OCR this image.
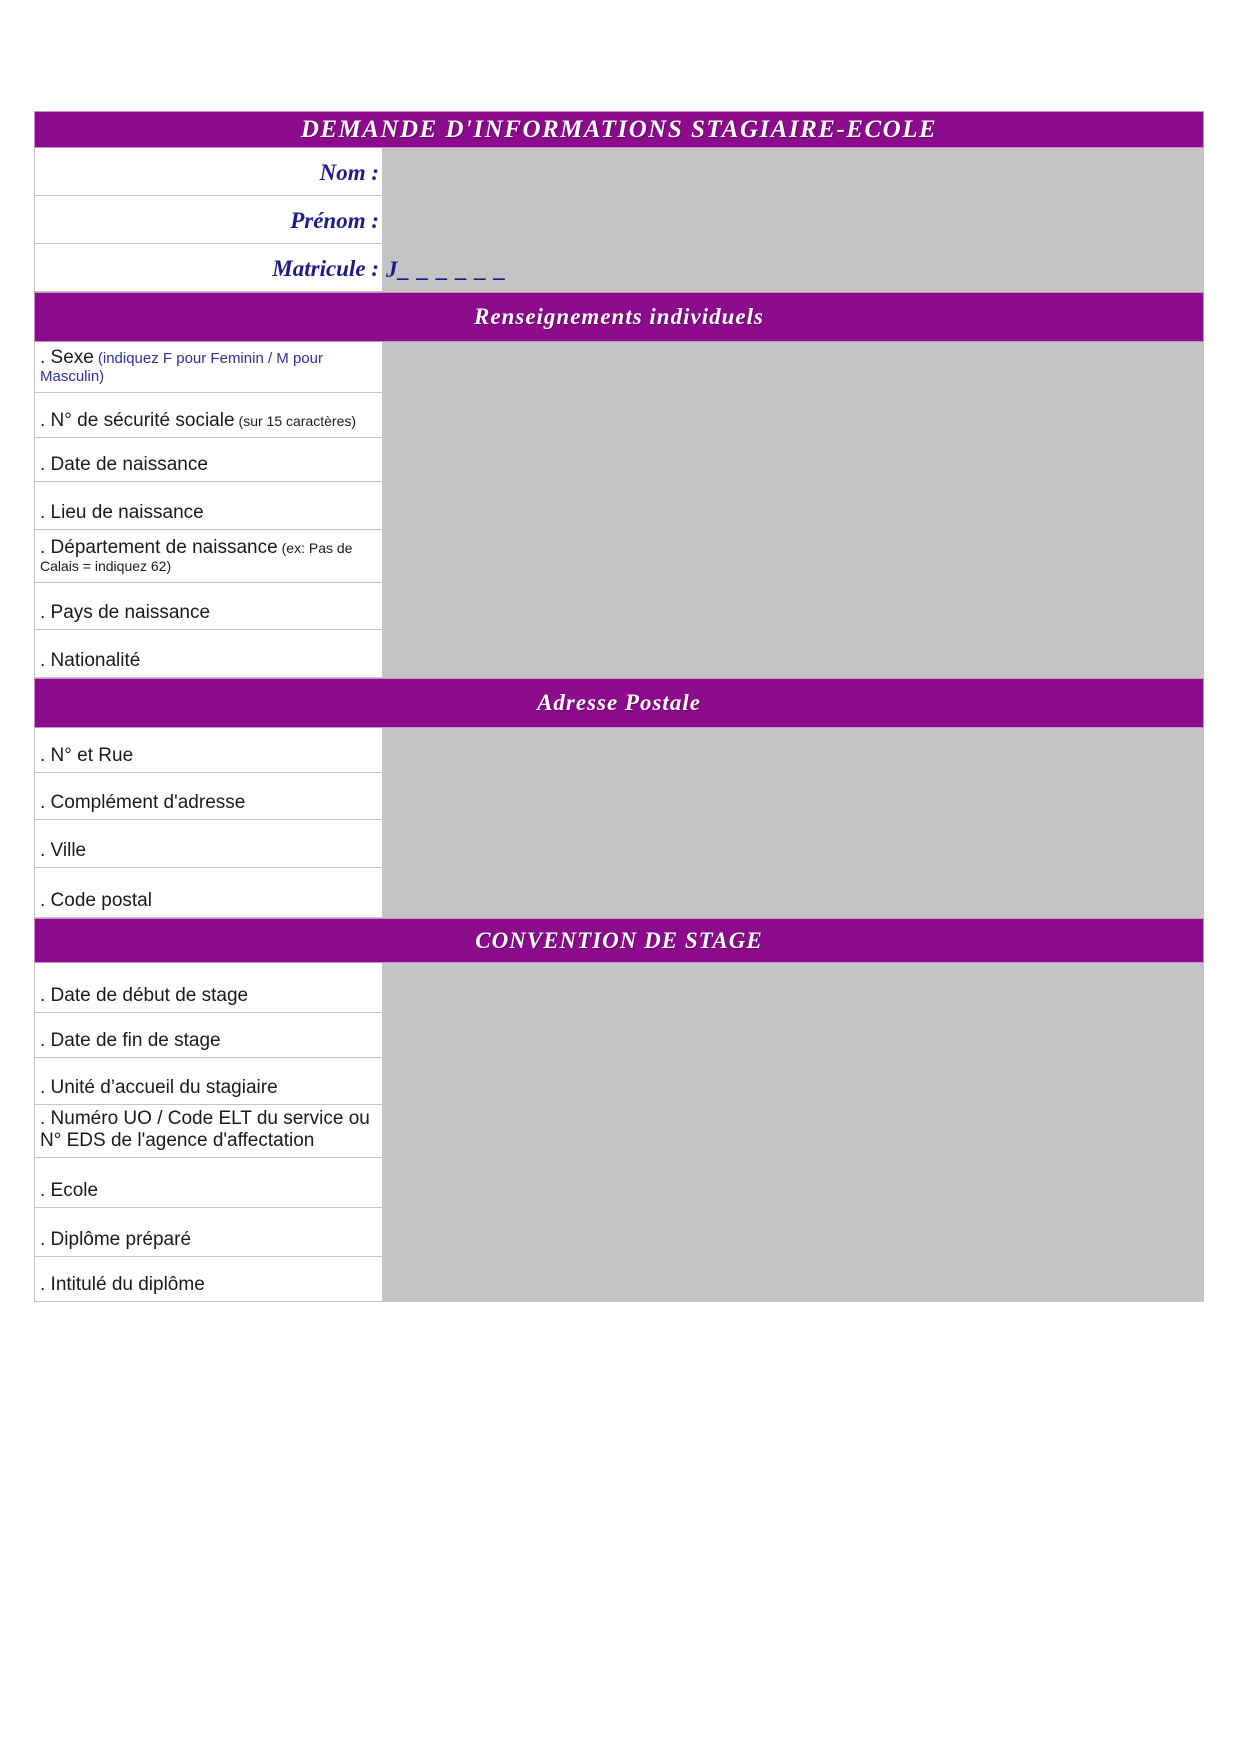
DEMANDE D'INFORMATIONS STAGIAIRE-ECOLE
Nom :
Prénom :
Matricule : J_ _ _ _ _ _
Renseignements individuels
. Sexe (indiquez F pour Feminin / M pour Masculin)
. N° de sécurité sociale (sur 15 caractères)
. Date de naissance
. Lieu de naissance
. Département de naissance (ex: Pas de Calais = indiquez 62)
. Pays de naissance
. Nationalité
Adresse Postale
. N° et Rue
. Complément d'adresse
. Ville
. Code postal
CONVENTION DE STAGE
. Date de début de stage
. Date de fin de stage
. Unité d’accueil du stagiaire
. Numéro UO / Code ELT du service ou N° EDS de l'agence d'affectation
. Ecole
. Diplôme préparé
. Intitulé du diplôme
